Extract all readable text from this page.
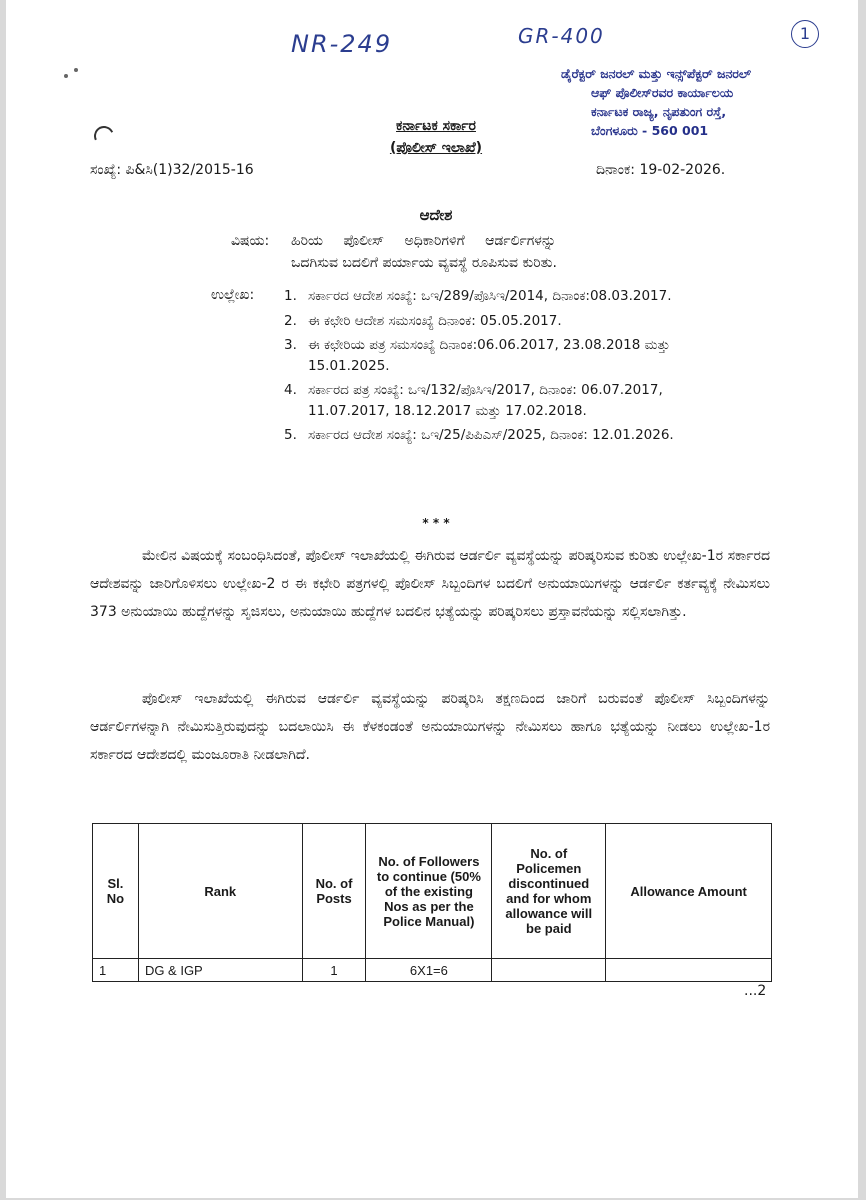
NR-249	GR-400	1
ಡೈರೆಕ್ಟರ್ ಜನರಲ್ ಮತ್ತು ಇನ್ಸ್‌ಪೆಕ್ಟರ್ ಜನರಲ್
ಆಫ್ ಪೊಲೀಸ್‌ರವರ ಕಾರ್ಯಾಲಯ
ಕರ್ನಾಟಕ ರಾಜ್ಯ, ನೃಪತುಂಗ ರಸ್ತೆ,
ಬೆಂಗಳೂರು - 560 001
ಕರ್ನಾಟಕ ಸರ್ಕಾರ
(ಪೊಲೀಸ್ ಇಲಾಖೆ)
ಸಂಖ್ಯೆ: ಪಿ&ಸಿ(1)32/2015-16	ದಿನಾಂಕ: 19-02-2026.
ಆದೇಶ
ವಿಷಯ: ಹಿರಿಯ ಪೊಲೀಸ್ ಅಧಿಕಾರಿಗಳಿಗೆ ಆರ್ಡರ್ಲಿಗಳನ್ನು
ಒದಗಿಸುವ ಬದಲಿಗೆ ಪರ್ಯಾಯ ವ್ಯವಸ್ಥೆ ರೂಪಿಸುವ ಕುರಿತು.
ಉಲ್ಲೇಖ: 1. ಸರ್ಕಾರದ ಆದೇಶ ಸಂಖ್ಯೆ: ಒಇ/289/ಪೊಸಿಇ/2014, ದಿನಾಂಕ:08.03.2017.
2. ಈ ಕಛೇರಿ ಆದೇಶ ಸಮಸಂಖ್ಯೆ ದಿನಾಂಕ: 05.05.2017.
3. ಈ ಕಛೇರಿಯ ಪತ್ರ ಸಮಸಂಖ್ಯೆ ದಿನಾಂಕ:06.06.2017, 23.08.2018 ಮತ್ತು 15.01.2025.
4. ಸರ್ಕಾರದ ಪತ್ರ ಸಂಖ್ಯೆ: ಒಇ/132/ಪೊಸಿಇ/2017, ದಿನಾಂಕ: 06.07.2017, 11.07.2017, 18.12.2017 ಮತ್ತು 17.02.2018.
5. ಸರ್ಕಾರದ ಆದೇಶ ಸಂಖ್ಯೆ: ಒಇ/25/ಪಿಪಿಎಸ್/2025, ದಿನಾಂಕ: 12.01.2026.
* * *

ಮೇಲಿನ ವಿಷಯಕ್ಕೆ ಸಂಬಂಧಿಸಿದಂತೆ, ಪೊಲೀಸ್ ಇಲಾಖೆಯಲ್ಲಿ ಈಗಿರುವ ಆರ್ಡರ್ಲಿ ವ್ಯವಸ್ಥೆಯನ್ನು ಪರಿಷ್ಕರಿಸುವ ಕುರಿತು ಉಲ್ಲೇಖ-1ರ ಸರ್ಕಾರದ ಆದೇಶವನ್ನು ಜಾರಿಗೊಳಿಸಲು ಉಲ್ಲೇಖ-2 ರ ಈ ಕಛೇರಿ ಪತ್ರಗಳಲ್ಲಿ ಪೊಲೀಸ್ ಸಿಬ್ಬಂದಿಗಳ ಬದಲಿಗೆ ಅನುಯಾಯಿಗಳನ್ನು ಆರ್ಡರ್ಲಿ ಕರ್ತವ್ಯಕ್ಕೆ ನೇಮಿಸಲು 373 ಅನುಯಾಯಿ ಹುದ್ದೆಗಳನ್ನು ಸೃಜಿಸಲು, ಅನುಯಾಯಿ ಹುದ್ದೆಗಳ ಬದಲಿನ ಭತ್ಯೆಯನ್ನು ಪರಿಷ್ಕರಿಸಲು ಪ್ರಸ್ತಾವನೆಯನ್ನು ಸಲ್ಲಿಸಲಾಗಿತ್ತು.

ಪೊಲೀಸ್ ಇಲಾಖೆಯಲ್ಲಿ ಈಗಿರುವ ಆರ್ಡರ್ಲಿ ವ್ಯವಸ್ಥೆಯನ್ನು ಪರಿಷ್ಕರಿಸಿ ತಕ್ಷಣದಿಂದ ಜಾರಿಗೆ ಬರುವಂತೆ ಪೊಲೀಸ್ ಸಿಬ್ಬಂದಿಗಳನ್ನು ಆರ್ಡರ್ಲಿಗಳನ್ನಾಗಿ ನೇಮಿಸುತ್ತಿರುವುದನ್ನು ಬದಲಾಯಿಸಿ ಈ ಕೆಳಕಂಡಂತೆ ಅನುಯಾಯಿಗಳನ್ನು ನೇಮಿಸಲು ಹಾಗೂ ಭತ್ಯೆಯನ್ನು ನೀಡಲು ಉಲ್ಲೇಖ-1ರ ಸರ್ಕಾರದ ಆದೇಶದಲ್ಲಿ ಮಂಜೂರಾತಿ ನೀಡಲಾಗಿದೆ.

Sl. No	Rank	No. of Posts	No. of Followers to continue (50% of the existing Nos as per the Police Manual)	No. of Policemen discontinued and for whom allowance will be paid	Allowance Amount
1	DG & IGP	1	6X1=6		
...2
